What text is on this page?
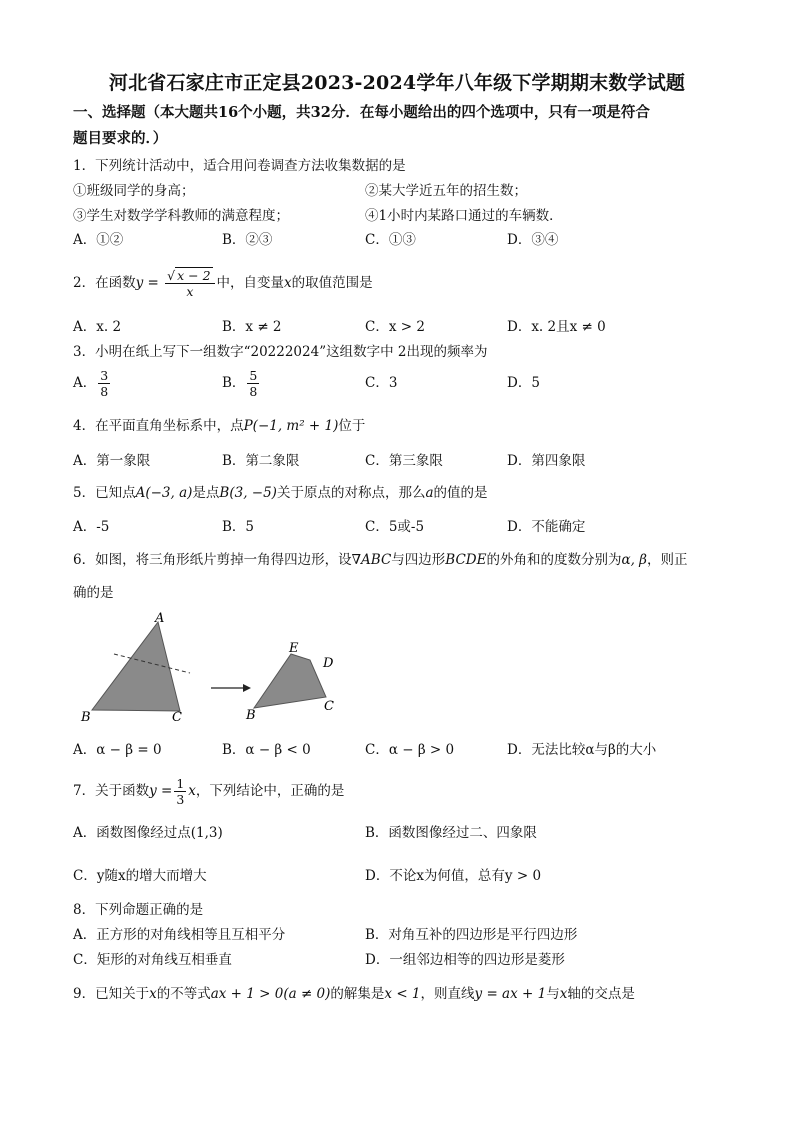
河北省石家庄市正定县2023-2024学年八年级下学期期末数学试题
一、选择题（本大题共16个小题，共32分．在每小题给出的四个选项中，只有一项是符合
题目要求的．）
1．下列统计活动中，适合用问卷调查方法收集数据的是
①班级同学的身高；	②某大学近五年的招生数；
③学生对数学学科教师的满意程度；	④1小时内某路口通过的车辆数．
A．①②	B．②③	C．①③	D．③④
2．在函数$y = \frac{√ x - 2}{x}$ 中，自变量x的取值范围是
A．x. 2	B．x ≠ 2	C．x > 2	D．x. 2且x ≠ 0
3．小明在纸上写下一组数字“20222024”这组数字中 2出现的频率为
A． $\frac{3}{8}$	B． $\frac{5}{8}$	C．3	D．5
4．在平面直角坐标系中，点P(−1, m² + 1)位于
A．第一象限	B．第二象限	C．第三象限	D．第四象限
5．已知点A(−3, a)是点B(3, −5)关于原点的对称点，那么a的值的是
A．-5	B．5	C．5或-5	D．不能确定
6．如图，将三角形纸片剪掉一角得四边形，设∇ABC与四边形BCDE的外角和的度数分别为α, β，则正
确的是
A
B	C
E
D
B
C
A．α − β = 0	B．α − β < 0	C．α − β > 0	D．无法比较α与β的大小
7．关于函数$y = \frac{1}{3}$ x，下列结论中，正确的是
A．函数图像经过点(1,3)	B．函数图像经过二、四象限
C．y随x的增大而增大	D．不论x为何值，总有y > 0
8．下列命题正确的是
A．正方形的对角线相等且互相平分	B．对角互补的四边形是平行四边形
C．矩形的对角线互相垂直	D．一组邻边相等的四边形是菱形
9．已知关于x的不等式ax + 1 > 0(a ≠ 0)的解集是x < 1，则直线y = ax + 1与x轴的交点是
